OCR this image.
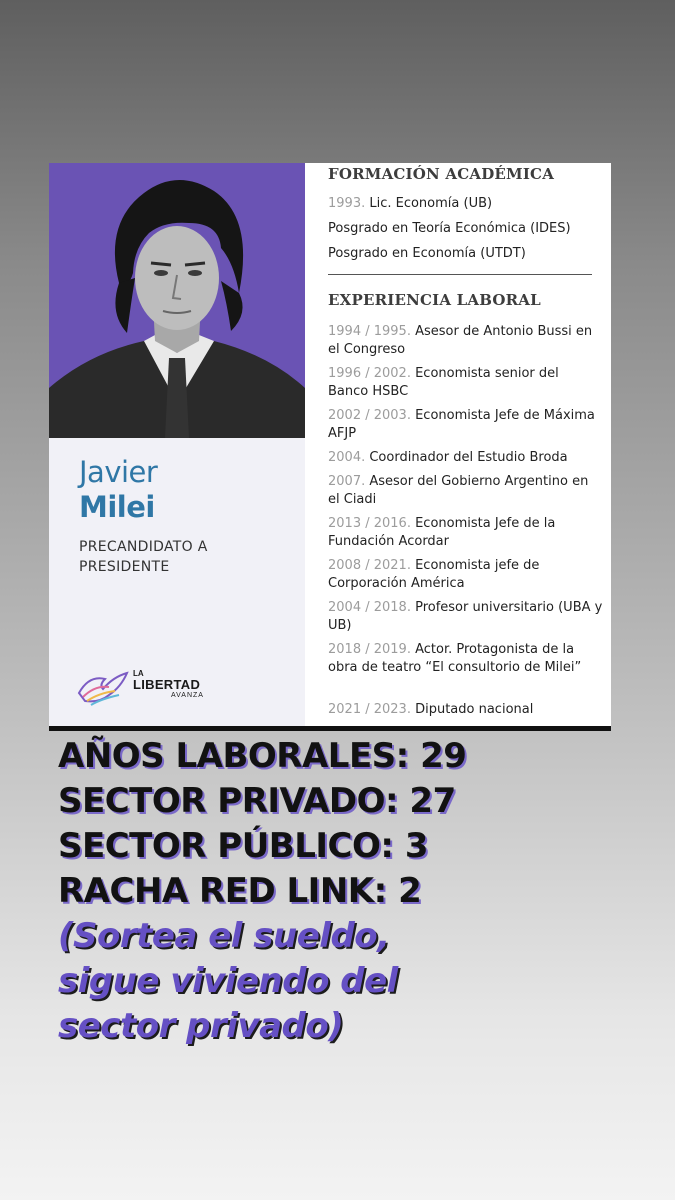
Javier
Milei
PRECANDIDATO A PRESIDENTE
LA
LIBERTAD
AVANZA
FORMACIÓN ACADÉMICA
1993. Lic. Economía (UB)
Posgrado en Teoría Económica (IDES)
Posgrado en Economía (UTDT)
EXPERIENCIA LABORAL
1994 / 1995. Asesor de Antonio Bussi en el Congreso
1996 / 2002. Economista senior del Banco HSBC
2002 / 2003. Economista Jefe de Máxima AFJP
2004. Coordinador del Estudio Broda
2007. Asesor del Gobierno Argentino en el Ciadi
2013 / 2016. Economista Jefe de la Fundación Acordar
2008 / 2021. Economista jefe de Corporación América
2004 / 2018. Profesor universitario (UBA y UB)
2018 / 2019. Actor. Protagonista de la obra de teatro “El consultorio de Milei”
2021 / 2023. Diputado nacional
AÑOS LABORALES: 29
SECTOR PRIVADO: 27
SECTOR PÚBLICO: 3
RACHA RED LINK: 2
(Sortea el sueldo,
sigue viviendo del
sector privado)
